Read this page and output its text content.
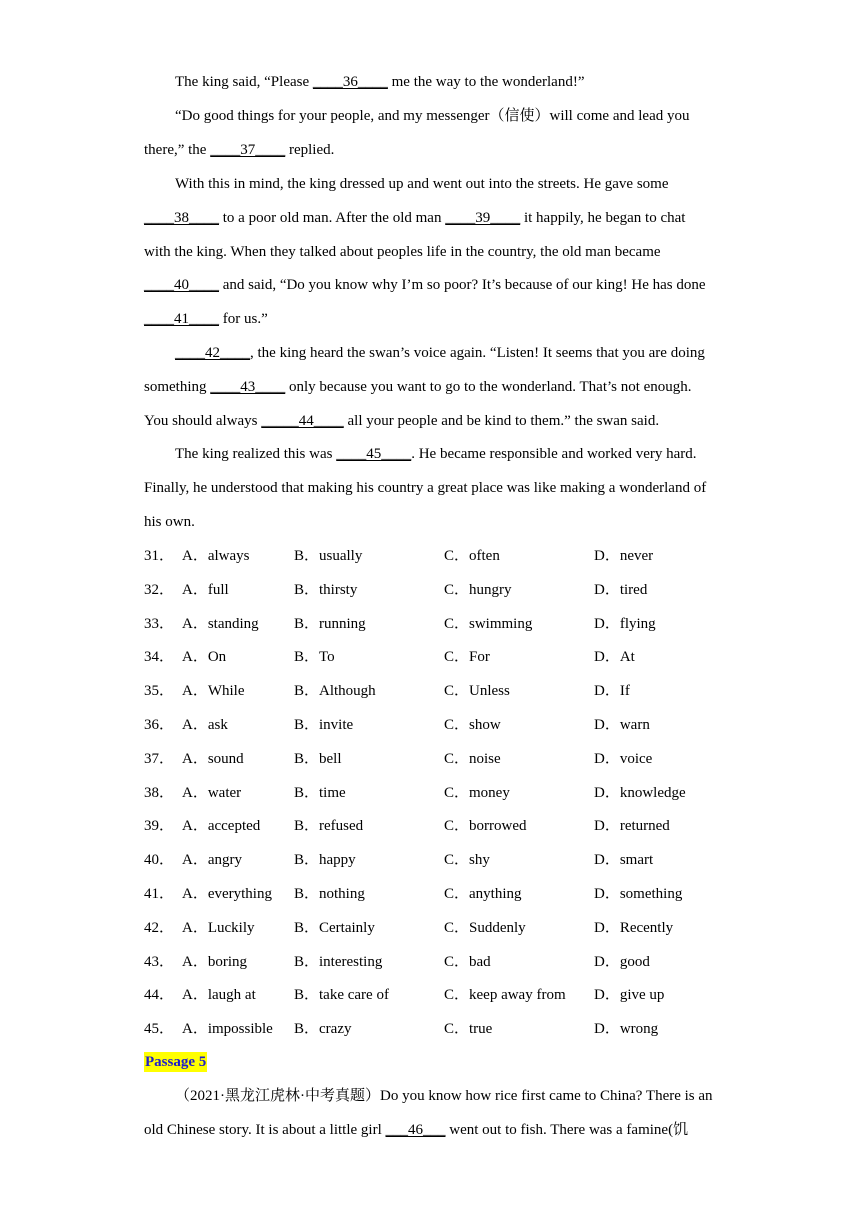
The king said, “Please ____36____ me the way to the wonderland!”
“Do good things for your people, and my messenger（信使）will come and lead you
there,” the ____37____ replied.
With this in mind, the king dressed up and went out into the streets. He gave some
____38____ to a poor old man. After the old man ____39____ it happily, he began to chat
with the king. When they talked about peoples life in the country, the old man became
____40____ and said, “Do you know why I’m so poor? It’s because of our king! He has done
____41____ for us.”
____42____, the king heard the swan’s voice again. “Listen! It seems that you are doing
something ____43____ only because you want to go to the wonderland. That’s not enough.
You should always _____44____ all your people and be kind to them.” the swan said.
The king realized this was ____45____. He became responsible and worked very hard.
Finally, he understood that making his country a great place was like making a wonderland of
his own.
31． A．always	B．usually	C．often	D．never
32． A．full	B．thirsty	C．hungry	D．tired
33． A．standing B．running	C．swimming	D．flying
34． A．On	B．To	C．For	D．At
35． A．While	B．Although	C．Unless	D．If
36． A．ask	B．invite	C．show	D．warn
37． A．sound	B．bell	C．noise	D．voice
38． A．water	B．time	C．money	D．knowledge
39． A．accepted B．refused	C．borrowed	D．returned
40． A．angry	B．happy	C．shy	D．smart
41． A．everything B．nothing	C．anything	D．something
42． A．Luckily	B．Certainly	C．Suddenly	D．Recently
43． A．boring	B．interesting	C．bad	D．good
44． A．laugh at	B．take care of	C．keep away from D．give up
45． A．impossible B．crazy	C．true	D．wrong
Passage 5
（2021·黑龙江虎林·中考真题）Do you know how rice first came to China? There is an
old Chinese story. It is about a little girl ___46___ went out to fish. There was a famine(饥
